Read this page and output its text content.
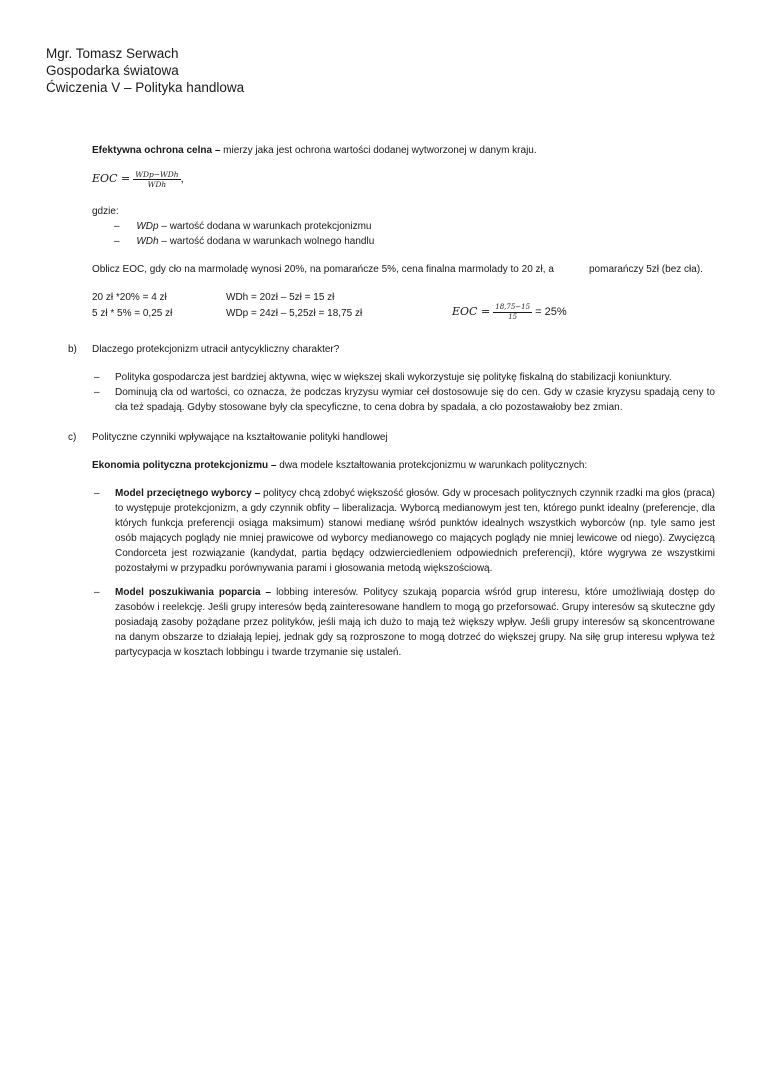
Mgr. Tomasz Serwach
Gospodarka światowa
Ćwiczenia V – Polityka handlowa
Efektywna ochrona celna – mierzy jaka jest ochrona wartości dodanej wytworzonej w danym kraju.
EOC = $\frac{\text{WDp−WDh}}{\text{WDh}}$ ,
gdzie:
– WDp – wartość dodana w warunkach protekcjonizmu
– WDh – wartość dodana w warunkach wolnego handlu
Oblicz EOC, gdy cło na marmoladę wynosi 20%, na pomarańcze 5%, cena finalna marmolady to 20 zł, a	pomarańczy 5zł (bez cła).
20 zł *20% = 4 zł	WDh = 20zł – 5zł = 15 zł
5 zł * 5% = 0,25 zł	WDp = 24zł – 5,25zł = 18,75 zł	EOC = $\frac{18,75-15}{15} = 25\%$
b) Dlaczego protekcjonizm utracił antycykliczny charakter?
– Polityka gospodarcza jest bardziej aktywna, więc w większej skali wykorzystuje się politykę fiskalną do stabilizacji koniunktury.
– Dominują cła od wartości, co oznacza, że podczas kryzysu wymiar ceł dostosowuje się do cen. Gdy w czasie kryzysu spadają ceny to cła też spadają. Gdyby stosowane były cła specyficzne, to cena dobra by spadała, a cło pozostawałoby bez zmian.
c) Polityczne czynniki wpływające na kształtowanie polityki handlowej
Ekonomia polityczna protekcjonizmu – dwa modele kształtowania protekcjonizmu w warunkach politycznych:
– Model przeciętnego wyborcy – politycy chcą zdobyć większość głosów. Gdy w procesach politycznych czynnik rzadki ma głos (praca) to występuje protekcjonizm, a gdy czynnik obfity – liberalizacja. Wyborcą medianowym jest ten, którego punkt idealny (preferencje, dla których funkcja preferencji osiąga maksimum) stanowi medianę wśród punktów idealnych wszystkich wyborców (np. tyle samo jest osób mających poglądy nie mniej prawicowe od wyborcy medianowego co mających poglądy nie mniej lewicowe od niego). Zwycięzcą Condorceta jest rozwiązanie (kandydat, partia będący odzwierciedleniem odpowiednich preferencji), które wygrywa ze wszystkimi pozostałymi w przypadku porównywania parami i głosowania metodą większościową.
– Model poszukiwania poparcia – lobbing interesów. Politycy szukają poparcia wśród grup interesu, które umożliwiają dostęp do zasobów i reelekcję. Jeśli grupy interesów będą zainteresowane handlem to mogą go przeforsować. Grupy interesów są skuteczne gdy posiadają zasoby pożądane przez polityków, jeśli mają ich dużo to mają też większy wpływ. Jeśli grupy interesów są skoncentrowane na danym obszarze to działają lepiej, jednak gdy są rozproszone to mogą dotrzeć do większej grupy. Na siłę grup interesu wpływa też partycypacja w kosztach lobbingu i twarde trzymanie się ustaleń.
